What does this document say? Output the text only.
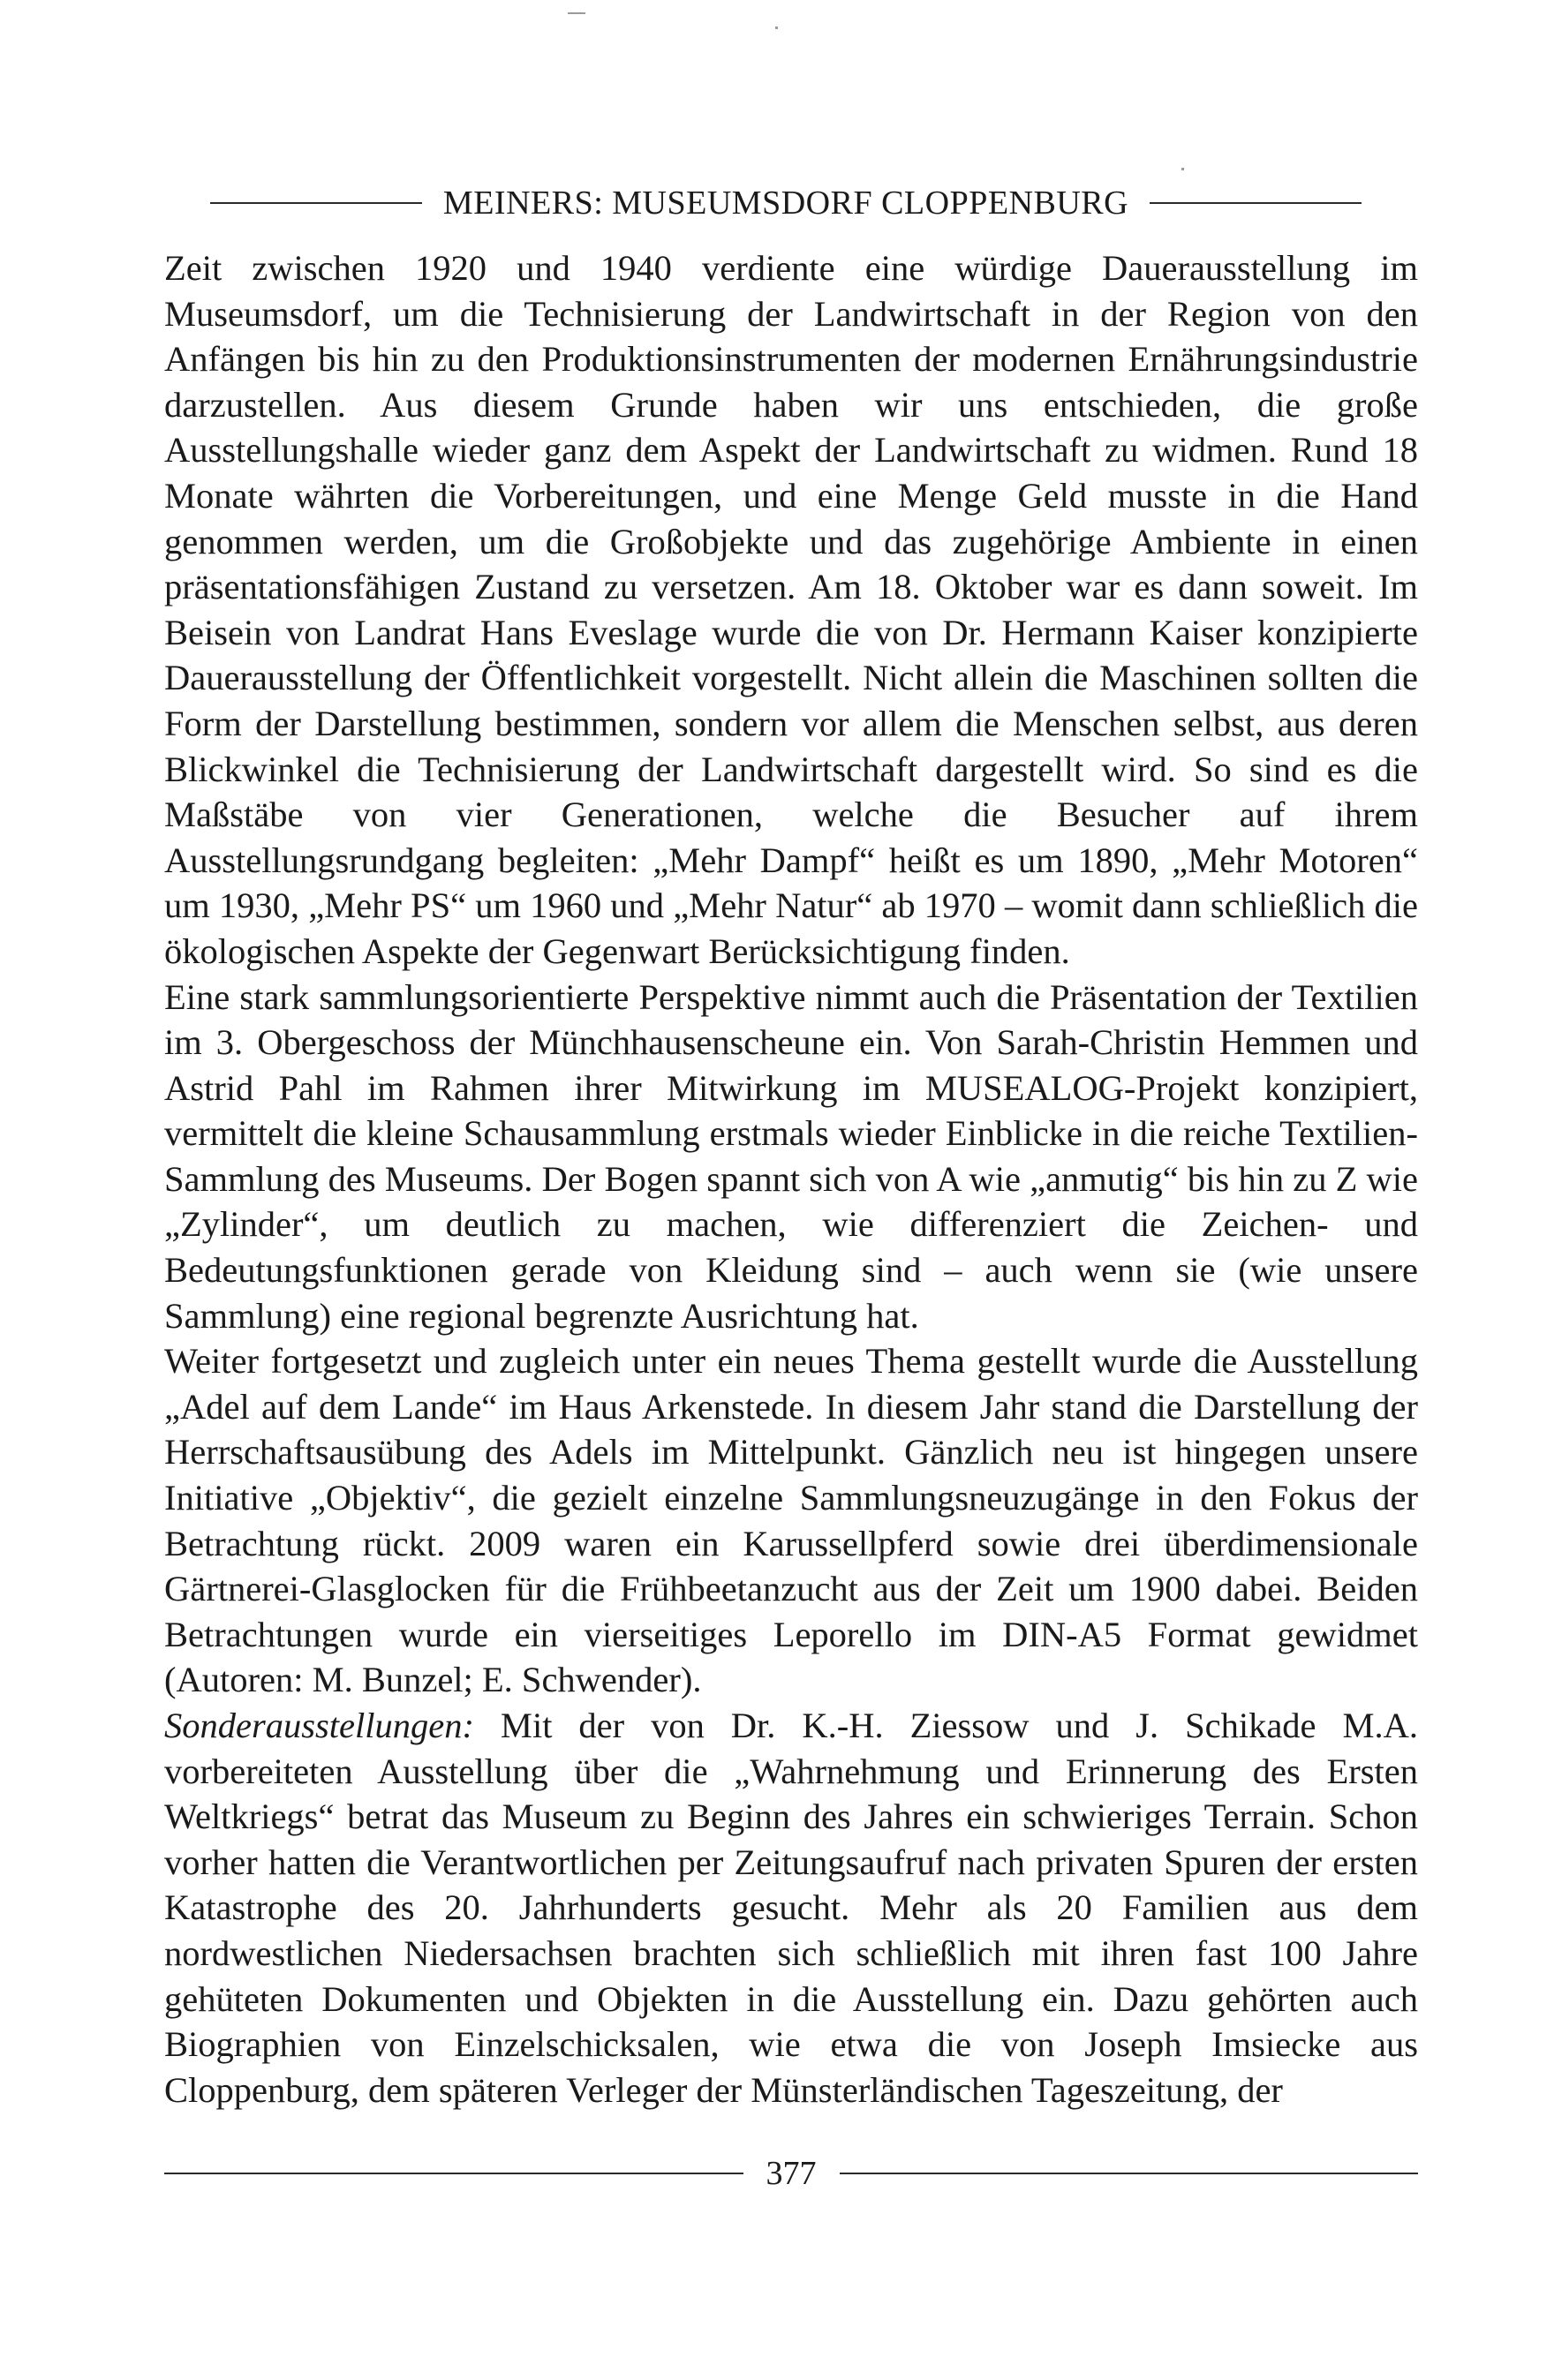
MEINERS: MUSEUMSDORF CLOPPENBURG

Zeit zwischen 1920 und 1940 verdiente eine würdige Dauerausstellung im Museumsdorf, um die Technisierung der Landwirtschaft in der Region von den Anfängen bis hin zu den Produktionsinstrumenten der modernen Ernährungsindustrie darzustellen. Aus diesem Grunde haben wir uns entschieden, die große Ausstellungshalle wieder ganz dem Aspekt der Landwirtschaft zu widmen. Rund 18 Monate währten die Vorbereitungen, und eine Menge Geld musste in die Hand genommen werden, um die Großobjekte und das zugehörige Ambiente in einen präsentationsfähigen Zustand zu versetzen. Am 18. Oktober war es dann soweit. Im Beisein von Landrat Hans Eveslage wurde die von Dr. Hermann Kaiser konzipierte Dauerausstellung der Öffentlichkeit vorgestellt. Nicht allein die Maschinen sollten die Form der Darstellung bestimmen, sondern vor allem die Menschen selbst, aus deren Blickwinkel die Technisierung der Landwirtschaft dargestellt wird. So sind es die Maßstäbe von vier Generationen, welche die Besucher auf ihrem Ausstellungsrundgang begleiten: „Mehr Dampf“ heißt es um 1890, „Mehr Motoren“ um 1930, „Mehr PS“ um 1960 und „Mehr Natur“ ab 1970 – womit dann schließlich die ökologischen Aspekte der Gegenwart Berücksichtigung finden.

Eine stark sammlungsorientierte Perspektive nimmt auch die Präsentation der Textilien im 3. Obergeschoss der Münchhausenscheune ein. Von Sarah-Christin Hemmen und Astrid Pahl im Rahmen ihrer Mitwirkung im MUSEALOG-Projekt konzipiert, vermittelt die kleine Schausammlung erstmals wieder Einblicke in die reiche Textilien-Sammlung des Museums. Der Bogen spannt sich von A wie „anmutig“ bis hin zu Z wie „Zylinder“, um deutlich zu machen, wie differenziert die Zeichen- und Bedeutungsfunktionen gerade von Kleidung sind – auch wenn sie (wie unsere Sammlung) eine regional begrenzte Ausrichtung hat.

Weiter fortgesetzt und zugleich unter ein neues Thema gestellt wurde die Ausstellung „Adel auf dem Lande“ im Haus Arkenstede. In diesem Jahr stand die Darstellung der Herrschaftsausübung des Adels im Mittelpunkt. Gänzlich neu ist hingegen unsere Initiative „Objektiv“, die gezielt einzelne Sammlungsneuzugänge in den Fokus der Betrachtung rückt. 2009 waren ein Karussellpferd sowie drei überdimensionale Gärtnerei-Glasglocken für die Frühbeetanzucht aus der Zeit um 1900 dabei. Beiden Betrachtungen wurde ein vierseitiges Leporello im DIN-A5 Format gewidmet (Autoren: M. Bunzel; E. Schwender).

Sonderausstellungen: Mit der von Dr. K.-H. Ziessow und J. Schikade M.A. vorbereiteten Ausstellung über die „Wahrnehmung und Erinnerung des Ersten Weltkriegs“ betrat das Museum zu Beginn des Jahres ein schwieriges Terrain. Schon vorher hatten die Verantwortlichen per Zeitungsaufruf nach privaten Spuren der ersten Katastrophe des 20. Jahrhunderts gesucht. Mehr als 20 Familien aus dem nordwestlichen Niedersachsen brachten sich schließlich mit ihren fast 100 Jahre gehüteten Dokumenten und Objekten in die Ausstellung ein. Dazu gehörten auch Biographien von Einzelschicksalen, wie etwa die von Joseph Imsiecke aus Cloppenburg, dem späteren Verleger der Münsterländischen Tageszeitung, der

377
